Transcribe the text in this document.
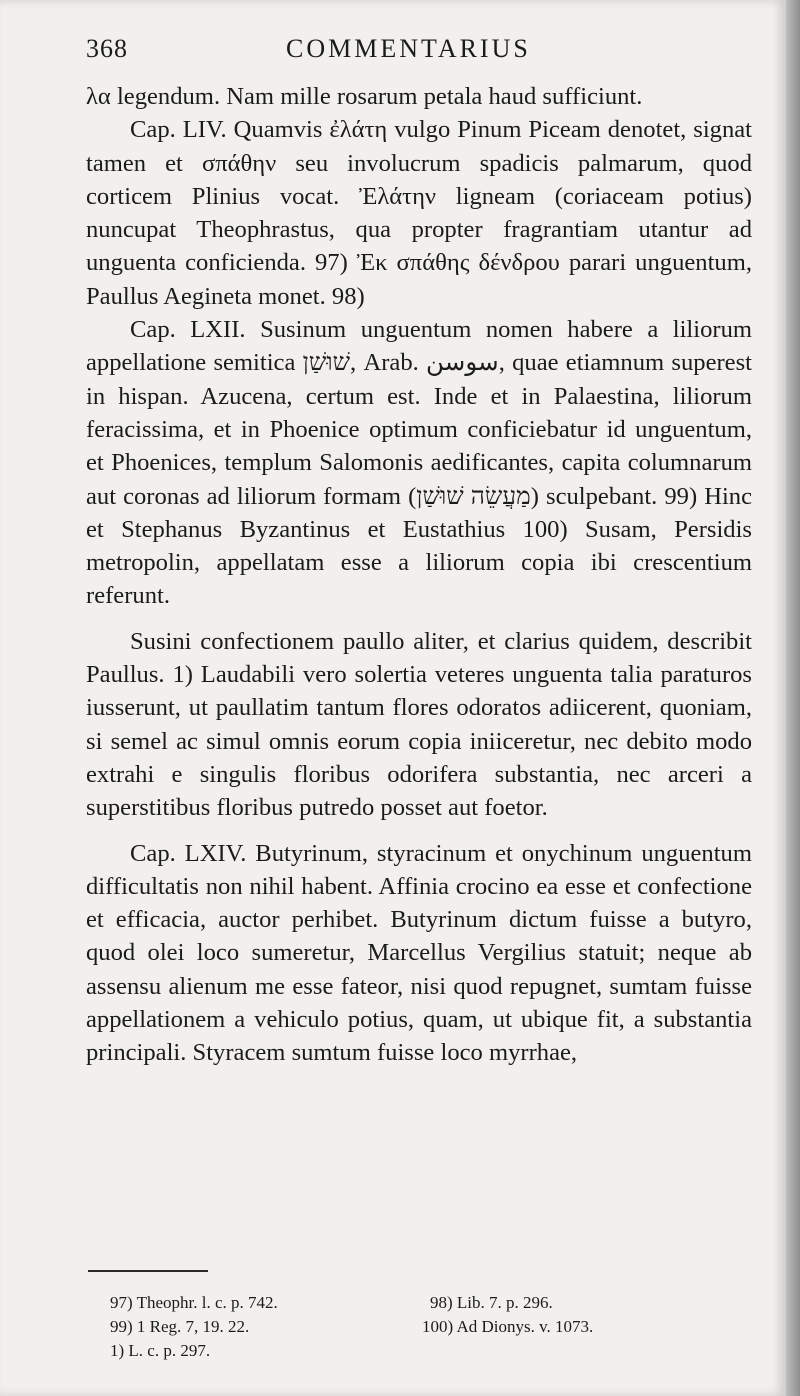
368	COMMENTARIUS

λα legendum. Nam mille rosarum petala haud sufficiunt.

Cap. LIV. Quamvis ἐλάτη vulgo Pinum Piceam denotet, signat tamen et σπάθην seu involucrum spadicis palmarum, quod corticem Plinius vocat. Ἐλάτην ligneam (coriaceam potius) nuncupat Theophrastus, qua propter fragrantiam utantur ad unguenta conficienda. 97) Ἐκ σπάθης δένδρου parari unguentum, Paullus Aegineta monet. 98)

Cap. LXII. Susinum unguentum nomen habere a liliorum appellatione semitica שׁוּשַׁן, Arab. سوسن, quae etiamnum superest in hispan. Azucena, certum est. Inde et in Palaestina, liliorum feracissima, et in Phoenice optimum conficiebatur id unguentum, et Phoenices, templum Salomonis aedificantes, capita columnarum aut coronas ad liliorum formam (מַעֲשֵׂה שׁוּשַׁן) sculpebant. 99) Hinc et Stephanus Byzantinus et Eustathius 100) Susam, Persidis metropolin, appellatam esse a liliorum copia ibi crescentium referunt.

Susini confectionem paullo aliter, et clarius quidem, describit Paullus. 1) Laudabili vero solertia veteres unguenta talia paraturos iusserunt, ut paullatim tantum flores odoratos adiicerent, quoniam, si semel ac simul omnis eorum copia iniiceretur, nec debito modo extrahi e singulis floribus odorifera substantia, nec arceri a superstitibus floribus putredo posset aut foetor.

Cap. LXIV. Butyrinum, styracinum et onychinum unguentum difficultatis non nihil habent. Affinia crocino ea esse et confectione et efficacia, auctor perhibet. Butyrinum dictum fuisse a butyro, quod olei loco sumeretur, Marcellus Vergilius statuit; neque ab assensu alienum me esse fateor, nisi quod repugnet, sumtam fuisse appellationem a vehiculo potius, quam, ut ubique fit, a substantia principali. Styracem sumtum fuisse loco myrrhae,

97) Theophr. l. c. p. 742.	98) Lib. 7. p. 296.
99) 1 Reg. 7, 19. 22.	100) Ad Dionys. v. 1073.
1) L. c. p. 297.
